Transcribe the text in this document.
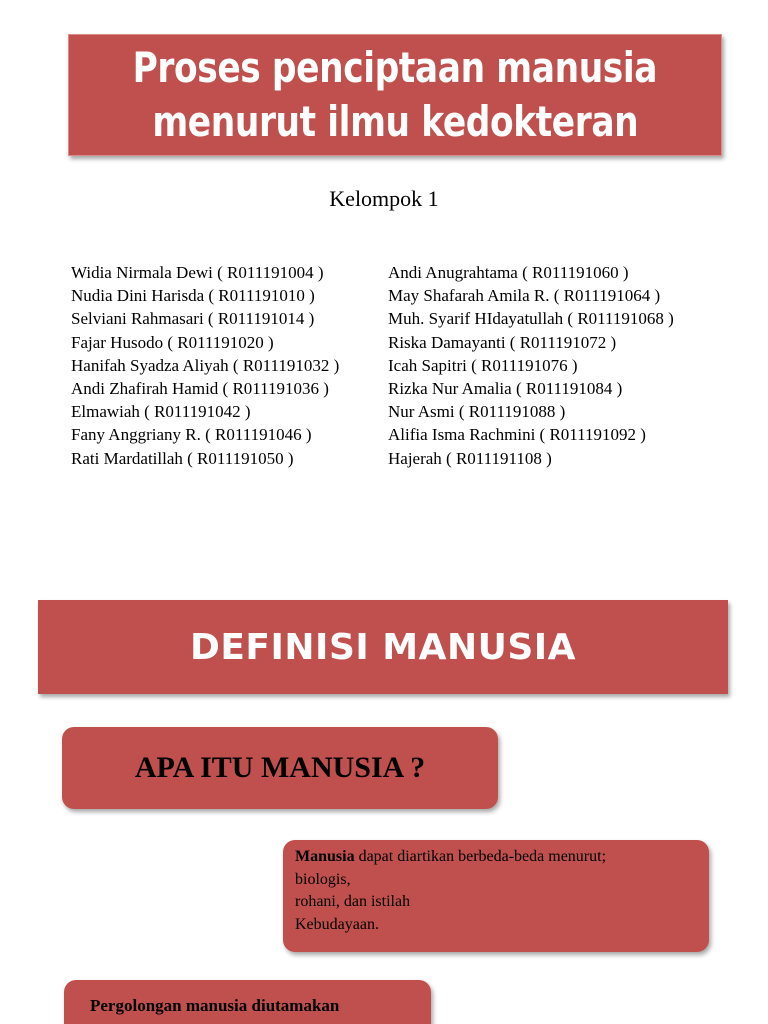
Proses penciptaan manusia
menurut ilmu kedokteran
Kelompok 1
Widia Nirmala Dewi ( R011191004 )
Nudia Dini Harisda ( R011191010 )
Selviani Rahmasari ( R011191014 )
Fajar Husodo ( R011191020 )
Hanifah Syadza Aliyah ( R011191032 )
Andi Zhafirah Hamid ( R011191036 )
Elmawiah ( R011191042 )
Fany Anggriany R. ( R011191046 )
Rati Mardatillah ( R011191050 )
Andi Anugrahtama ( R011191060 )
May Shafarah Amila R. ( R011191064 )
Muh. Syarif HIdayatullah ( R011191068 )
Riska Damayanti ( R011191072 )
Icah Sapitri ( R011191076 )
Rizka Nur Amalia ( R011191084 )
Nur Asmi ( R011191088 )
Alifia Isma Rachmini ( R011191092 )
Hajerah ( R011191108 )
DEFINISI MANUSIA
APA ITU MANUSIA ?
Manusia dapat diartikan berbeda-beda menurut;
biologis,
rohani, dan istilah
Kebudayaan.
Pergolongan manusia diutamakan
